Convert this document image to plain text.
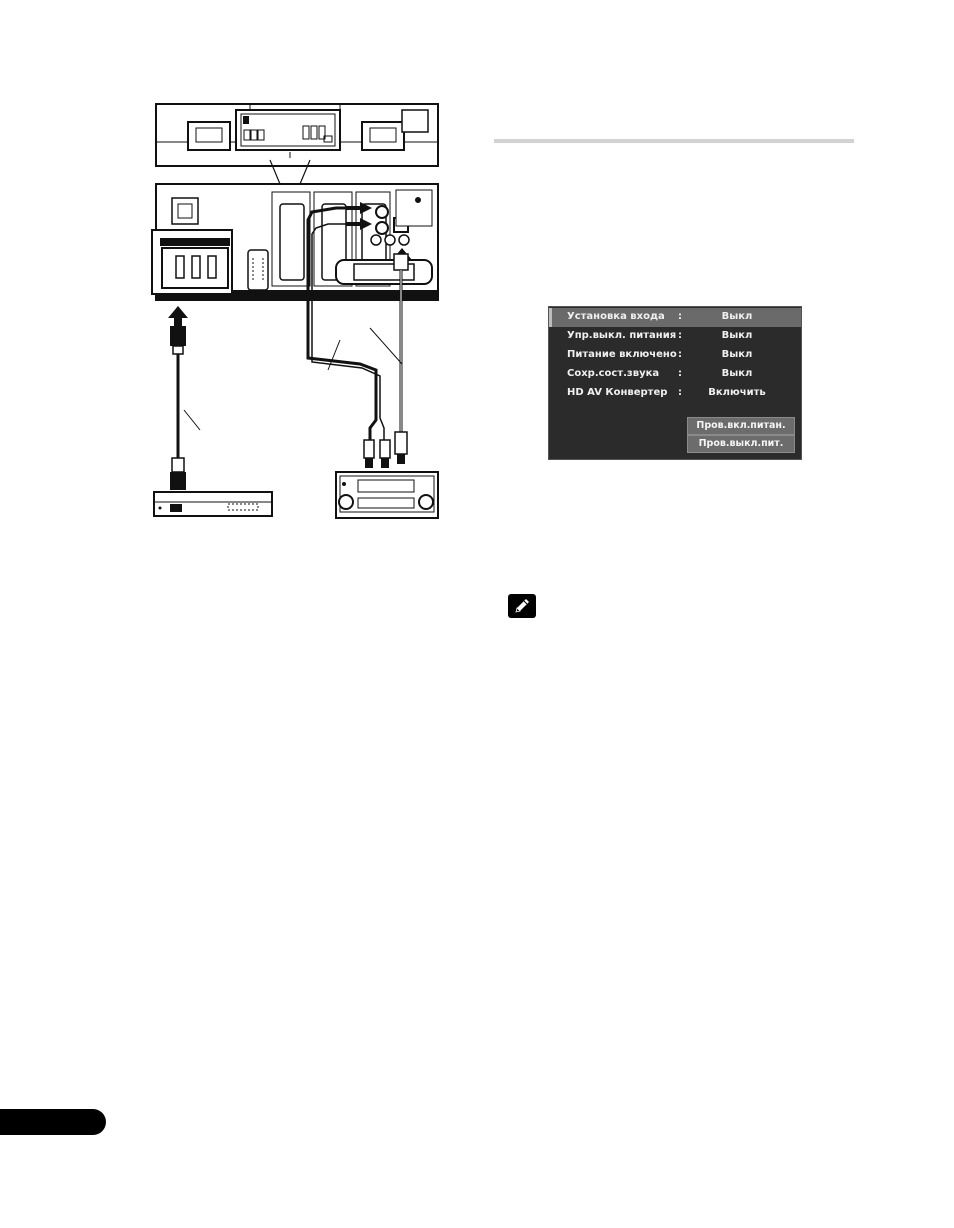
Установка входа :	Выкл
Упр.выкл. питания :	Выкл
Питание включено :	Выкл
Сохр.сост.звука :	Выкл
HD AV Конвертер :	Включить
Пров.вкл.питан.
Пров.выкл.пит.
